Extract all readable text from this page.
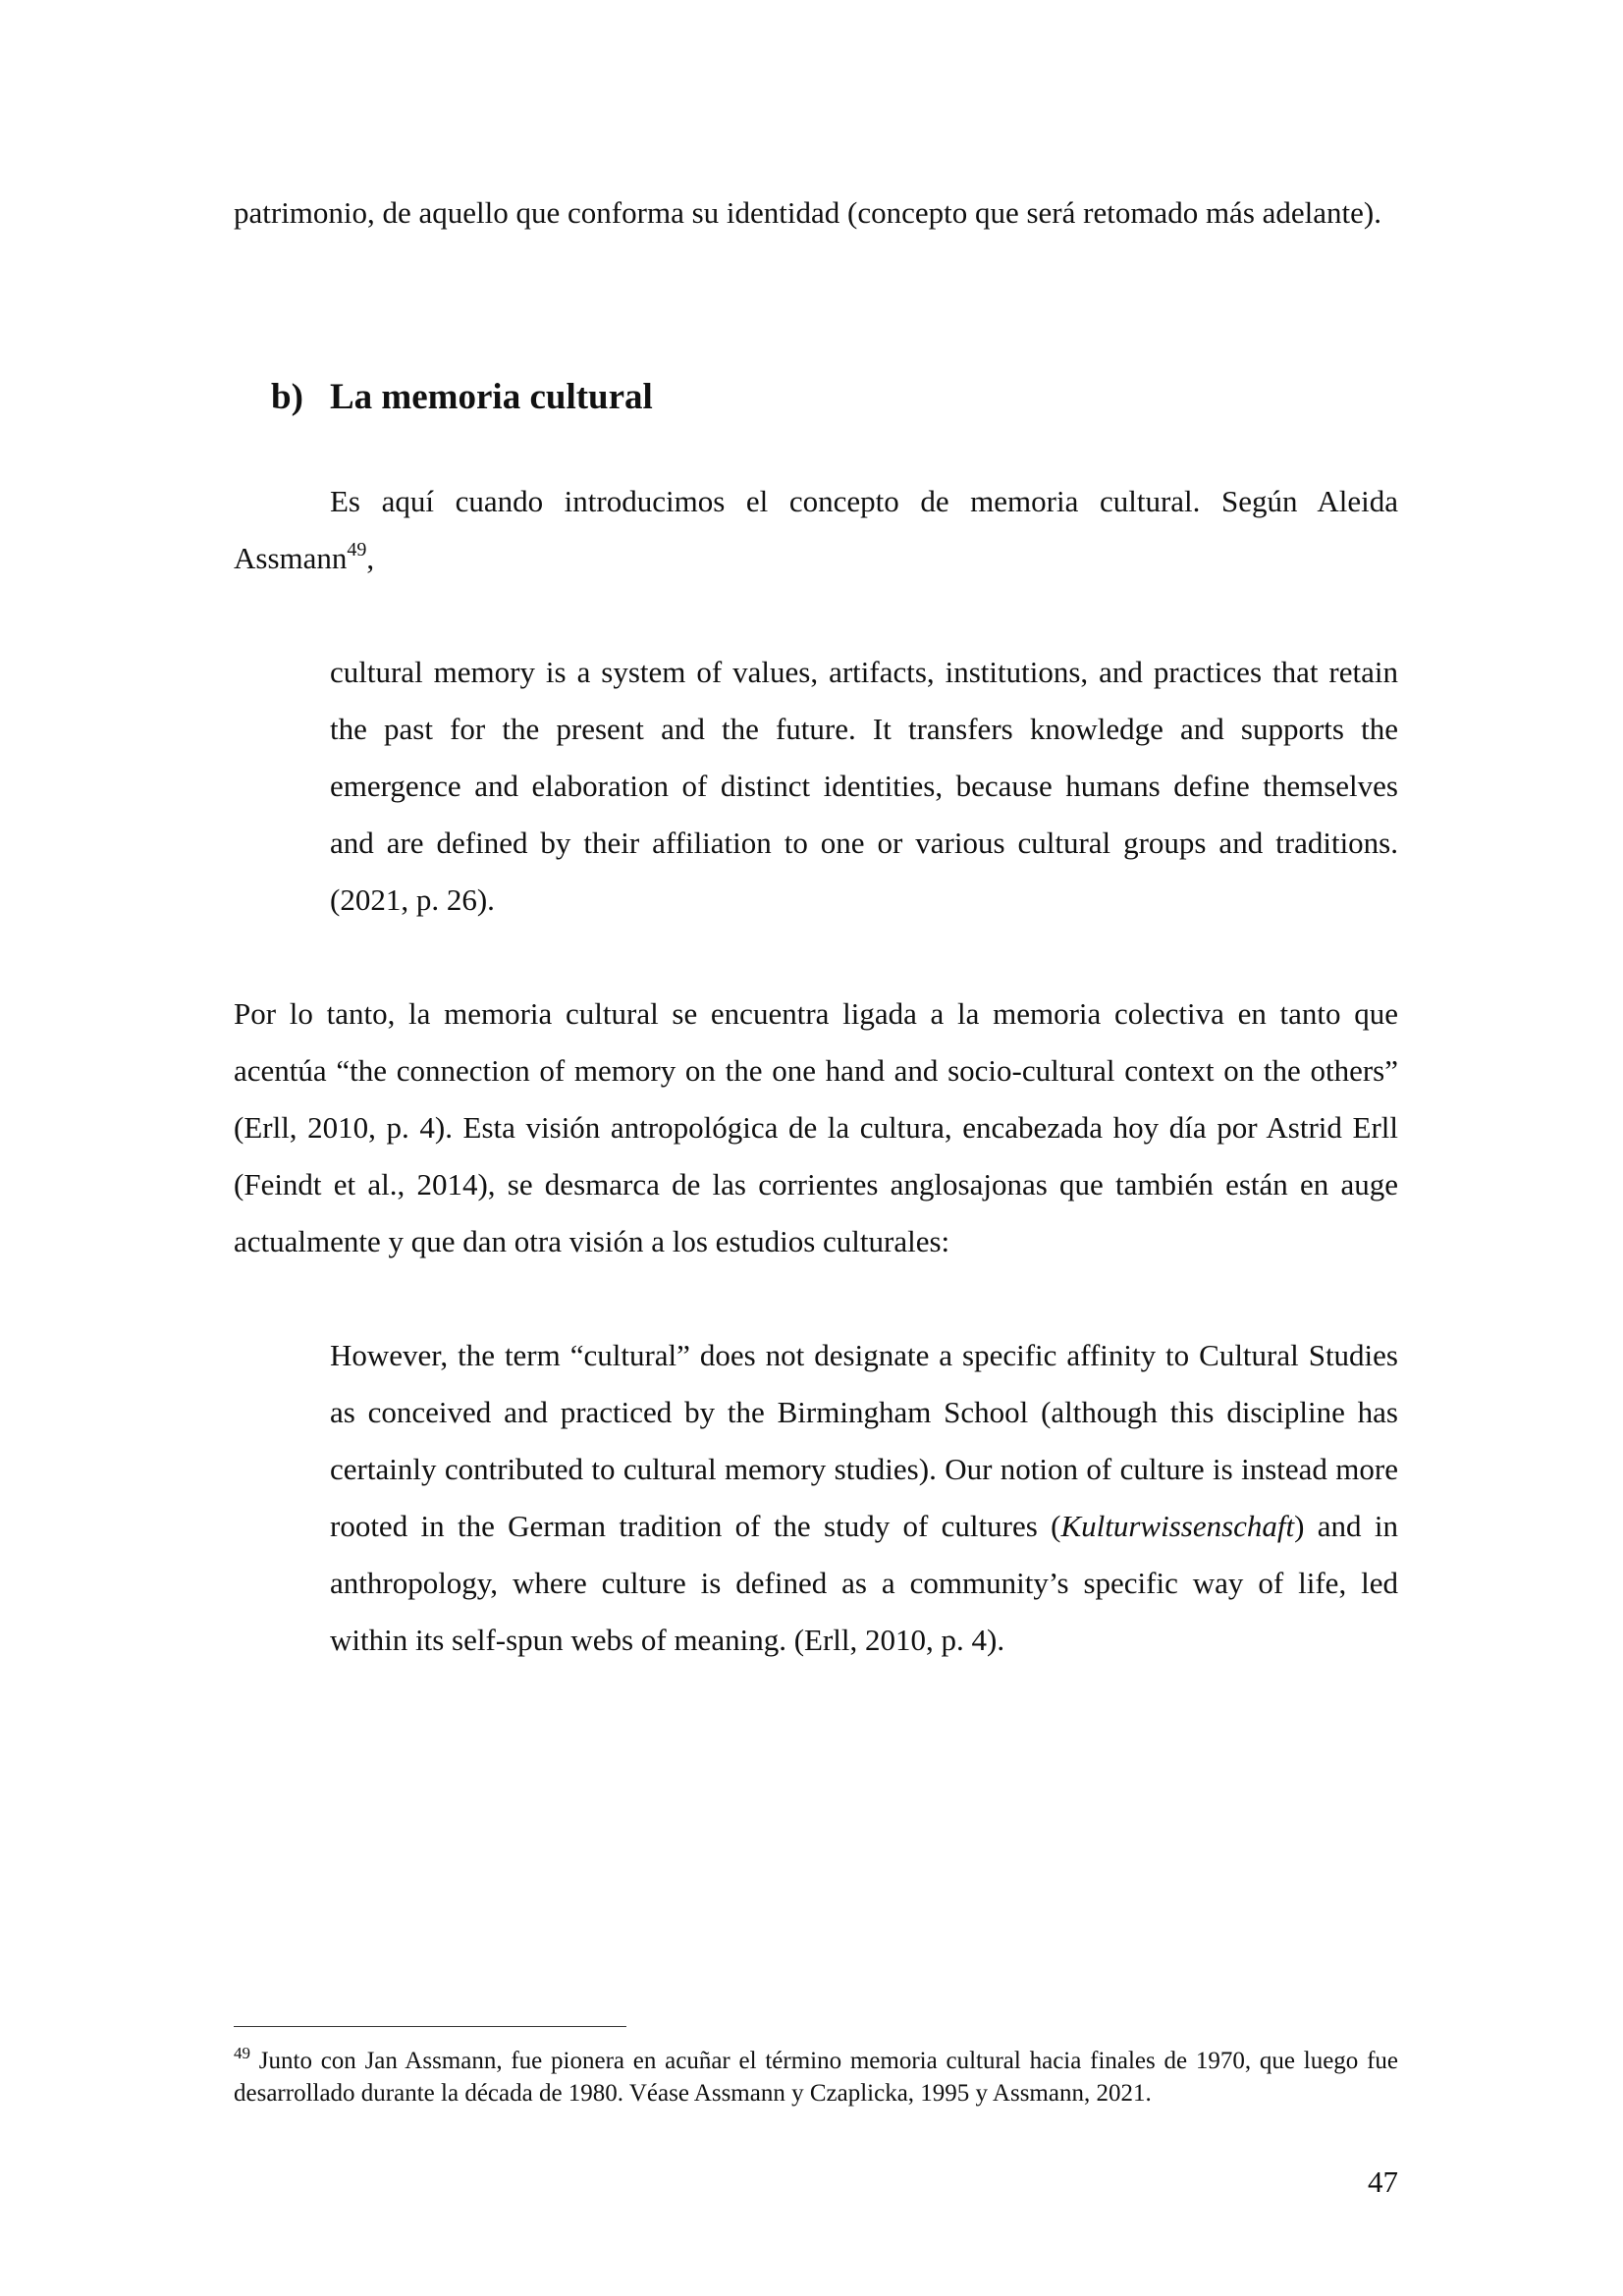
patrimonio, de aquello que conforma su identidad (concepto que será retomado más adelante).

b) La memoria cultural

Es aquí cuando introducimos el concepto de memoria cultural. Según Aleida Assmann$^{49}$,

cultural memory is a system of values, artifacts, institutions, and practices that retain the past for the present and the future. It transfers knowledge and supports the emergence and elaboration of distinct identities, because humans define themselves and are defined by their affiliation to one or various cultural groups and traditions. (2021, p. 26).

Por lo tanto, la memoria cultural se encuentra ligada a la memoria colectiva en tanto que acentúa “the connection of memory on the one hand and socio-cultural context on the others” (Erll, 2010, p. 4). Esta visión antropológica de la cultura, encabezada hoy día por Astrid Erll (Feindt et al., 2014), se desmarca de las corrientes anglosajonas que también están en auge actualmente y que dan otra visión a los estudios culturales:

However, the term “cultural” does not designate a specific affinity to Cultural Studies as conceived and practiced by the Birmingham School (although this discipline has certainly contributed to cultural memory studies). Our notion of culture is instead more rooted in the German tradition of the study of cultures (Kulturwissenschaft) and in anthropology, where culture is defined as a community’s specific way of life, led within its self-spun webs of meaning. (Erll, 2010, p. 4).

$^{49}$ Junto con Jan Assmann, fue pionera en acuñar el término memoria cultural hacia finales de 1970, que luego fue desarrollado durante la década de 1980. Véase Assmann y Czaplicka, 1995 y Assmann, 2021.

47
